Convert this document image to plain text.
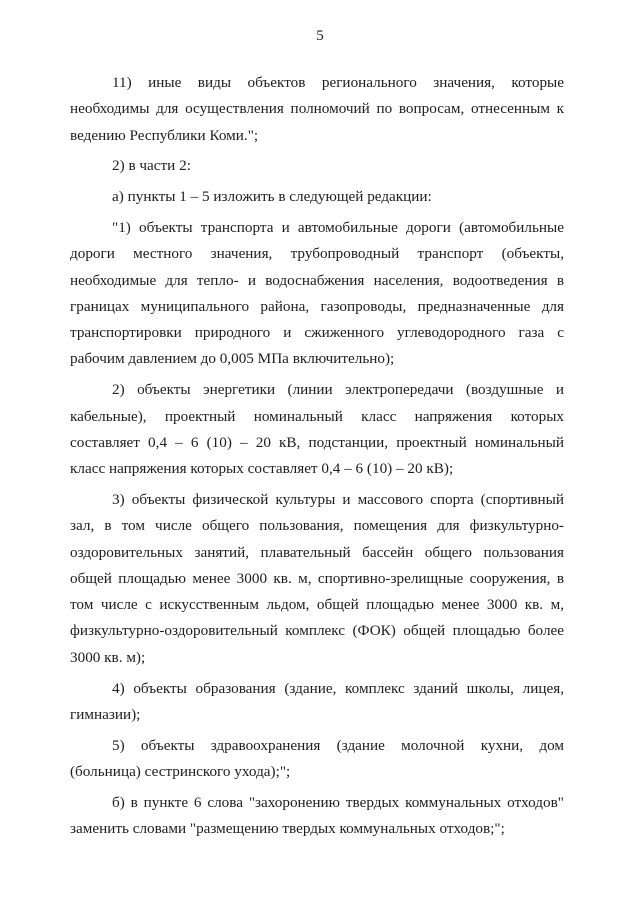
5
11) иные виды объектов регионального значения, которые
необходимы для осуществления полномочий по вопросам, отнесенным к
ведению Республики Коми.";
2) в части 2:
а) пункты 1 – 5 изложить в следующей редакции:
"1) объекты транспорта и автомобильные дороги (автомобильные
дороги местного значения, трубопроводный транспорт (объекты,
необходимые для тепло- и водоснабжения населения, водоотведения в
границах муниципального района, газопроводы, предназначенные для
транспортировки природного и сжиженного углеводородного газа с
рабочим давлением до 0,005 МПа включительно);
2) объекты энергетики (линии электропередачи (воздушные и
кабельные), проектный номинальный класс напряжения которых
составляет 0,4 – 6 (10) – 20 кВ, подстанции, проектный номинальный
класс напряжения которых составляет 0,4 – 6 (10) – 20 кВ);
3) объекты физической культуры и массового спорта (спортивный
зал, в том числе общего пользования, помещения для физкультурно-
оздоровительных занятий, плавательный бассейн общего пользования
общей площадью менее 3000 кв. м, спортивно-зрелищные сооружения, в
том числе с искусственным льдом, общей площадью менее 3000 кв. м,
физкультурно-оздоровительный комплекс (ФОК) общей площадью более
3000 кв. м);
4) объекты образования (здание, комплекс зданий школы, лицея,
гимназии);
5) объекты здравоохранения (здание молочной кухни, дом
(больница) сестринского ухода);";
б) в пункте 6 слова "захоронению твердых коммунальных отходов"
заменить словами "размещению твердых коммунальных отходов;";
